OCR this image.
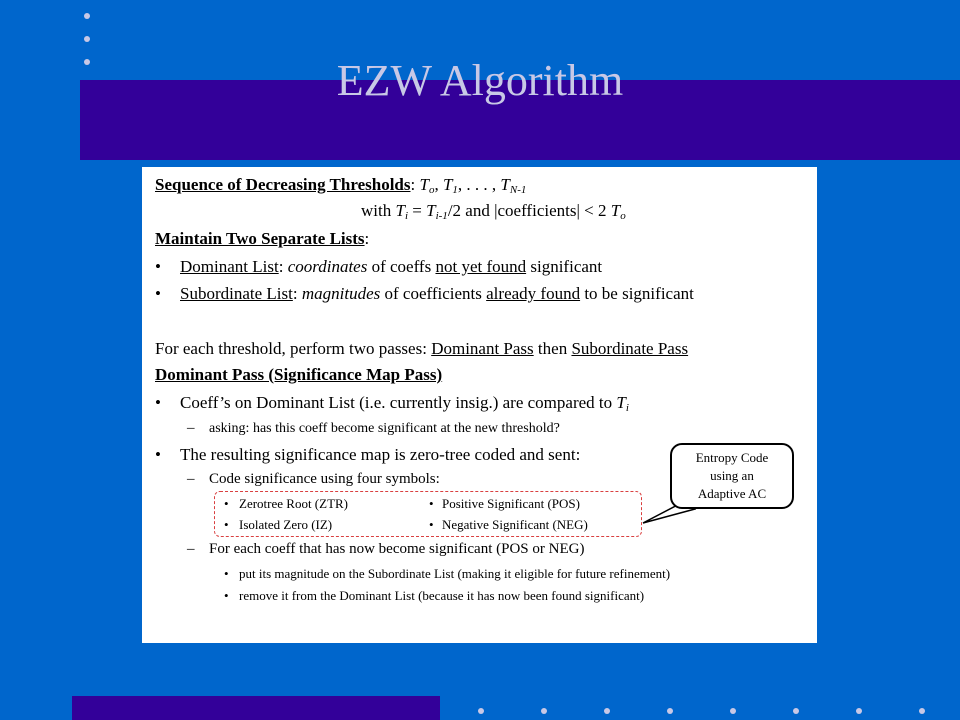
EZW Algorithm
Sequence of Decreasing Thresholds: $T_o$, $T_1$, . . . , $T_{N-1}$
with $T_i = T_{i-1}/2$ and |coefficients| < 2 $T_o$
Maintain Two Separate Lists:
• Dominant List: coordinates of coeffs not yet found significant
• Subordinate List: magnitudes of coefficients already found to be significant
For each threshold, perform two passes: Dominant Pass then Subordinate Pass
Dominant Pass (Significance Map Pass)
• Coeff’s on Dominant List (i.e. currently insig.) are compared to $T_i$
– asking: has this coeff become significant at the new threshold?
• The resulting significance map is zero-tree coded and sent:
– Code significance using four symbols:
• Zerotree Root (ZTR)	• Positive Significant (POS)
• Isolated Zero (IZ)	• Negative Significant (NEG)
Entropy Code
using an
Adaptive AC
– For each coeff that has now become significant (POS or NEG)
• put its magnitude on the Subordinate List (making it eligible for future refinement)
• remove it from the Dominant List (because it has now been found significant)
